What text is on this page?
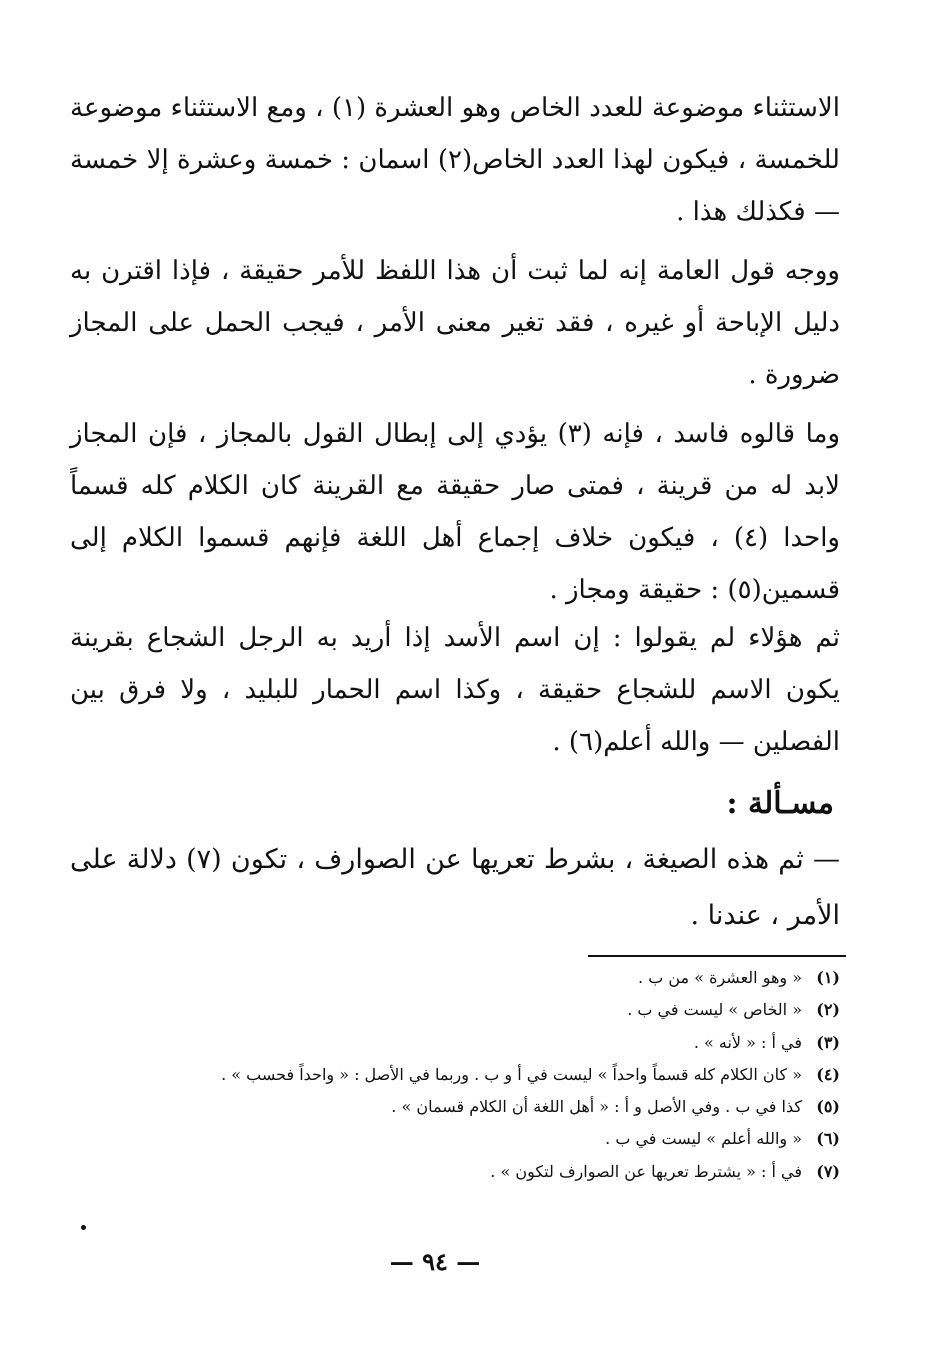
الاستثناء موضوعة للعدد الخاص وهو العشرة (١) ، ومع الاستثناء موضوعة للخمسة ، فيكون لهذا العدد الخاص(٢) اسمان : خمسة وعشرة إلا خمسة — فكذلك هذا .

ووجه قول العامة إنه لما ثبت أن هذا اللفظ للأمر حقيقة ، فإذا اقترن به دليل الإباحة أو غيره ، فقد تغير معنى الأمر ، فيجب الحمل على المجاز ضرورة .

وما قالوه فاسد ، فإنه (٣) يؤدي إلى إبطال القول بالمجاز ، فإن المجاز لابد له من قرينة ، فمتى صار حقيقة مع القرينة كان الكلام كله قسماً واحدا (٤) ، فيكون خلاف إجماع أهل اللغة فإنهم قسموا الكلام إلى قسمين(٥) : حقيقة ومجاز .

ثم هؤلاء لم يقولوا : إن اسم الأسد إذا أريد به الرجل الشجاع بقرينة يكون الاسم للشجاع حقيقة ، وكذا اسم الحمار للبليد ، ولا فرق بين الفصلين — والله أعلم(٦) .

مسـألة :

— ثم هذه الصيغة ، بشرط تعريها عن الصوارف ، تكون (٧) دلالة على الأمر ، عندنا .

(١)« وهو العشرة » من ب .
(٢)« الخاص » ليست في ب .
(٣)في أ : « لأنه » .
(٤)« كان الكلام كله قسماً واحداً » ليست في أ و ب . وربما في الأصل : « واحداً فحسب » .
(٥)كذا في ب . وفي الأصل و أ : « أهل اللغة أن الكلام قسمان » .
(٦)« والله أعلم » ليست في ب .
(٧)في أ : « يشترط تعريها عن الصوارف لتكون » .
— ٩٤ —
